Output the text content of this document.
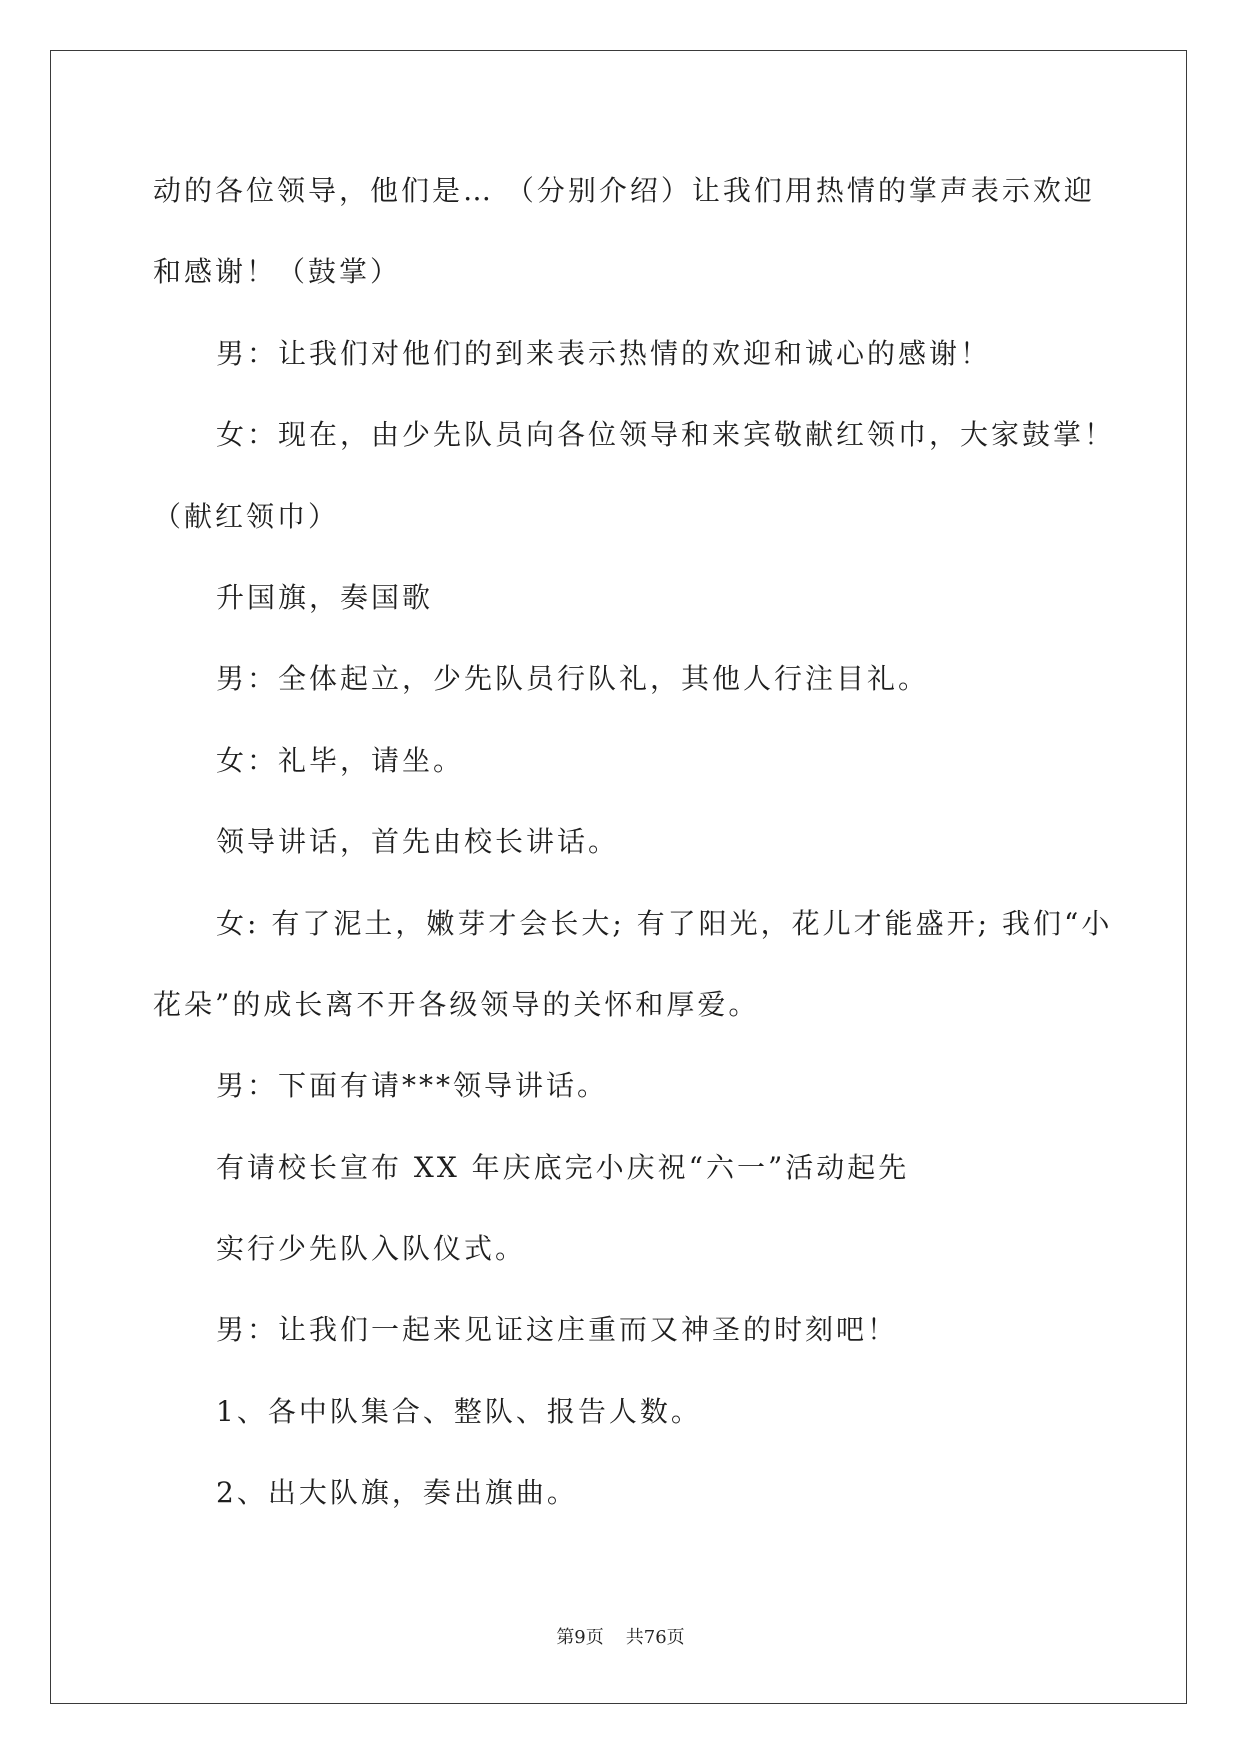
动的各位领导，他们是… （分别介绍）让我们用热情的掌声表示欢迎
和感谢！（鼓掌）
男：让我们对他们的到来表示热情的欢迎和诚心的感谢！
女：现在，由少先队员向各位领导和来宾敬献红领巾，大家鼓掌！
（献红领巾）
升国旗，奏国歌
男：全体起立，少先队员行队礼，其他人行注目礼。
女：礼毕，请坐。
领导讲话，首先由校长讲话。
女: 有了泥土，嫩芽才会长大; 有了阳光，花儿才能盛开; 我们“小
花朵”的成长离不开各级领导的关怀和厚爱。
男：下面有请***领导讲话。
有请校长宣布 XX 年庆底完小庆祝“六一”活动起先
实行少先队入队仪式。
男：让我们一起来见证这庄重而又神圣的时刻吧！
1、各中队集合、整队、报告人数。
2、出大队旗，奏出旗曲。
第9页 共76页
